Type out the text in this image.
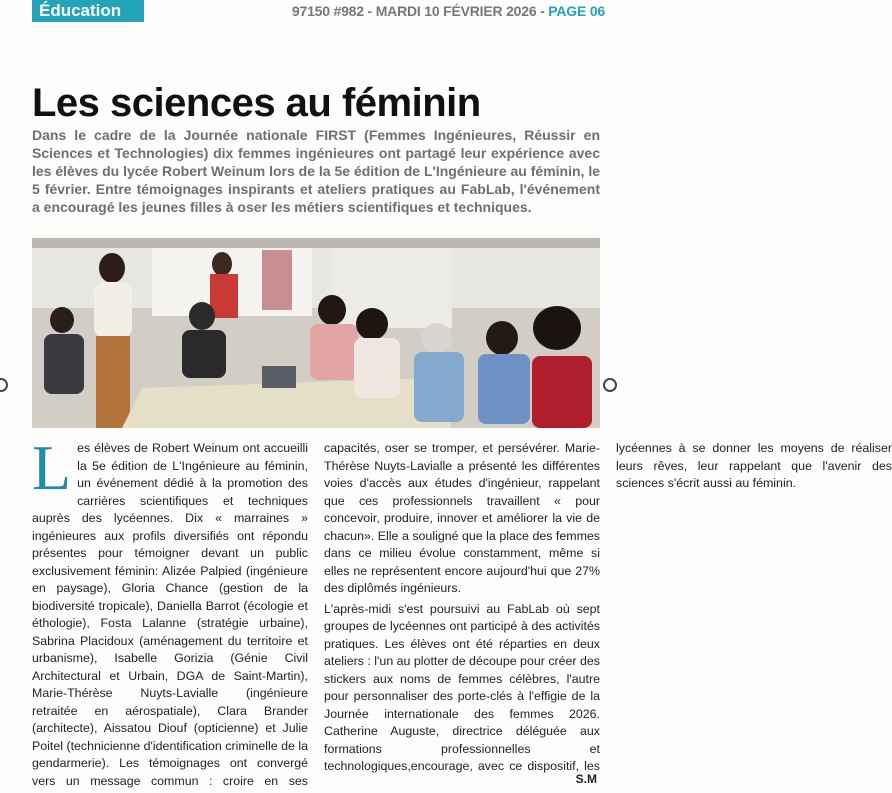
Éducation	97150 #982 - MARDI 10 FÉVRIER 2026 - PAGE 06
Les sciences au féminin

Dans le cadre de la Journée nationale FIRST (Femmes Ingénieures, Réussir en Sciences et Technologies) dix femmes ingénieures ont partagé leur expérience avec les élèves du lycée Robert Weinum lors de la 5e édition de L'Ingénieure au féminin, le 5 février. Entre témoignages inspirants et ateliers pratiques au FabLab, l'événement a encouragé les jeunes filles à oser les métiers scientifiques et techniques.

Les élèves de Robert Weinum ont accueilli la 5e édition de L'Ingénieure au féminin, un événement dédié à la promotion des carrières scientifiques et techniques auprès des lycéennes. Dix « marraines » ingénieures aux profils diversifiés ont répondu présentes pour témoigner devant un public exclusivement féminin: Alizée Palpied (ingénieure en paysage), Gloria Chance (gestion de la biodiversité tropicale), Daniella Barrot (écologie et éthologie), Fosta Lalanne (stratégie urbaine), Sabrina Placidoux (aménagement du territoire et urbanisme), Isabelle Gorizia (Génie Civil Architectural et Urbain, DGA de Saint-Martin), Marie-Thérèse Nuyts-Lavialle (ingénieure retraitée en aérospatiale), Clara Brander (architecte), Aissatou Diouf (opticienne) et Julie Poitel (technicienne d'identification criminelle de la gendarmerie). Les témoignages ont convergé vers un message commun : croire en ses capacités, oser se tromper, et persévérer. Marie-Thérèse Nuyts-Lavialle a présenté les différentes voies d'accès aux études d'ingénieur, rappelant que ces professionnels travaillent « pour concevoir, produire, innover et améliorer la vie de chacun». Elle a souligné que la place des femmes dans ce milieu évolue constamment, même si elles ne représentent encore aujourd'hui que 27% des diplômés ingénieurs.

L'après-midi s'est poursuivi au FabLab où sept groupes de lycéennes ont participé à des activités pratiques. Les élèves ont été réparties en deux ateliers : l'un au plotter de découpe pour créer des stickers aux noms de femmes célèbres, l'autre pour personnaliser des porte-clés à l'effigie de la Journée internationale des femmes 2026. Catherine Auguste, directrice déléguée aux formations professionnelles et technologiques,encourage, avec ce dispositif, les lycéennes à se donner les moyens de réaliser leurs rêves, leur rappelant que l'avenir des sciences s'écrit aussi au féminin.

S.M
